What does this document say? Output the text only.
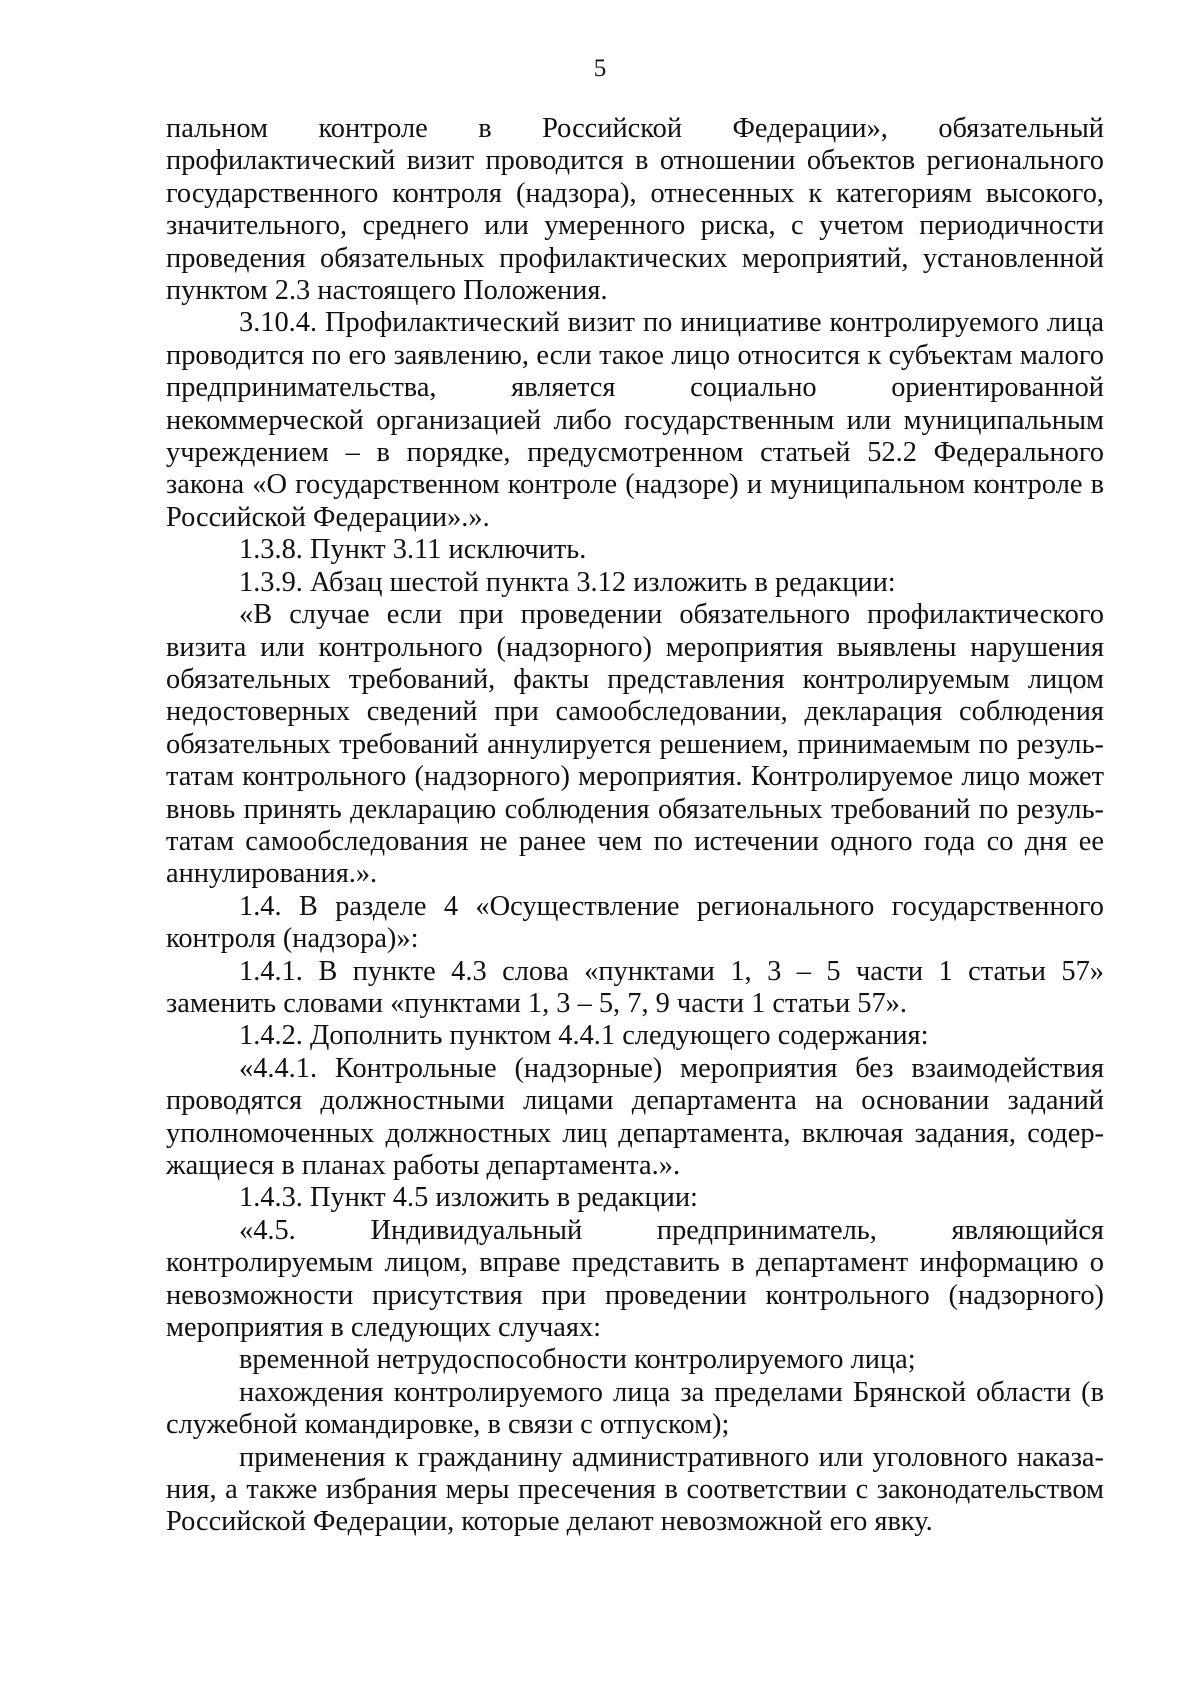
5

пальном контроле в Российской Федерации», обязательный профилактический визит проводится в отношении объектов регионального государственного контроля (надзора), отнесенных к категориям высокого, значительного, среднего или умеренного риска, с учетом периодичности проведения обязательных профилактических мероприятий, установленной пунктом 2.3 настоящего Положения.

3.10.4. Профилактический визит по инициативе контролируемого лица проводится по его заявлению, если такое лицо относится к субъектам малого предпринимательства, является социально ориентированной некоммерческой организацией либо государственным или муниципальным учреждением – в порядке, предусмотренном статьей 52.2 Федерального закона «О государственном контроле (надзоре) и муниципальном контроле в Российской Федерации».».

1.3.8. Пункт 3.11 исключить.

1.3.9. Абзац шестой пункта 3.12 изложить в редакции:

«В случае если при проведении обязательного профилактического визита или контрольного (надзорного) мероприятия выявлены нарушения обязательных требований, факты представления контролируемым лицом недостоверных сведений при самообследовании, декларация соблюдения обязательных требований аннулируется решением, принимаемым по результатам контрольного (надзорного) мероприятия. Контролируемое лицо может вновь принять декларацию соблюдения обязательных требований по результатам самообследования не ранее чем по истечении одного года со дня ее аннулирования.».

1.4. В разделе 4 «Осуществление регионального государственного контроля (надзора)»:

1.4.1. В пункте 4.3 слова «пунктами 1, 3 – 5 части 1 статьи 57» заменить словами «пунктами 1, 3 – 5, 7, 9 части 1 статьи 57».

1.4.2. Дополнить пунктом 4.4.1 следующего содержания:

«4.4.1. Контрольные (надзорные) мероприятия без взаимодействия проводятся должностными лицами департамента на основании заданий уполномоченных должностных лиц департамента, включая задания, содержащиеся в планах работы департамента.».

1.4.3. Пункт 4.5 изложить в редакции:

«4.5. Индивидуальный предприниматель, являющийся контролируемым лицом, вправе представить в департамент информацию о невозможности присутствия при проведении контрольного (надзорного) мероприятия в следующих случаях:

временной нетрудоспособности контролируемого лица;

нахождения контролируемого лица за пределами Брянской области (в служебной командировке, в связи с отпуском);

применения к гражданину административного или уголовного наказания, а также избрания меры пресечения в соответствии с законодательством Российской Федерации, которые делают невозможной его явку.
